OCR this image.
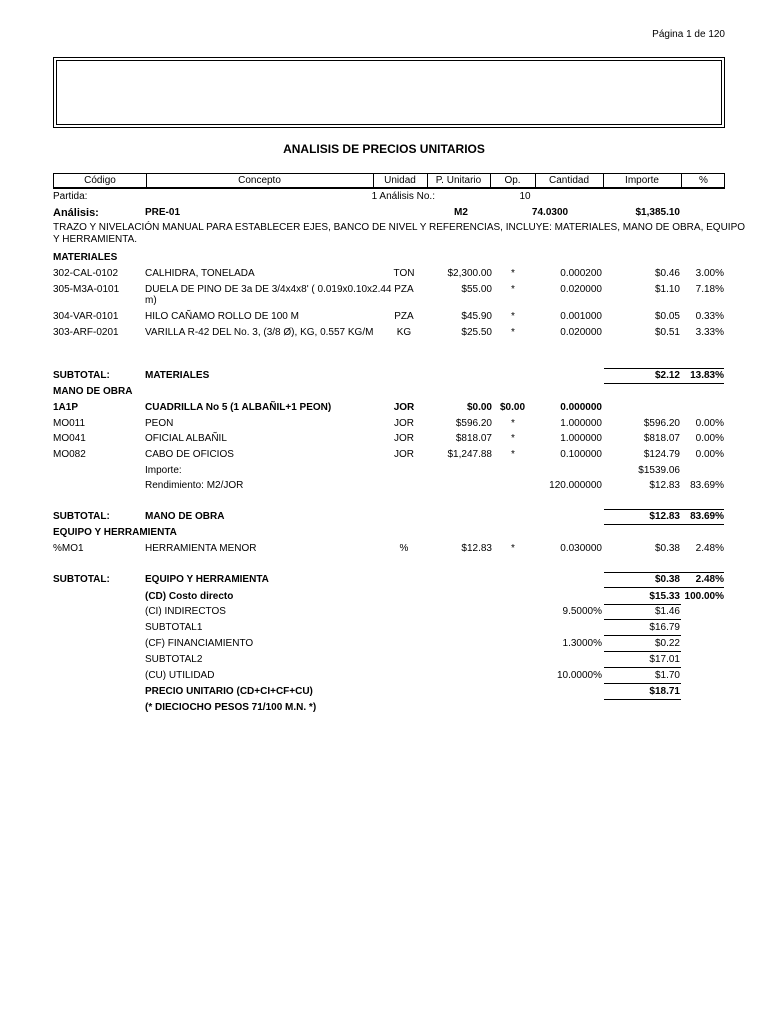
Página 1 de 120
ANALISIS DE PRECIOS UNITARIOS
Código	Concepto	Unidad	P. Unitario	Op.	Cantidad	Importe	%
Partida:	1 Análisis No.:	10
Análisis:	PRE-01	M2	74.0300	$1,385.10
TRAZO Y NIVELACIÓN MANUAL PARA ESTABLECER EJES, BANCO DE NIVEL Y REFERENCIAS, INCLUYE: MATERIALES, MANO DE OBRA, EQUIPO
Y HERRAMIENTA.
MATERIALES
302-CAL-0102	CALHIDRA, TONELADA	TON	$2,300.00	*	0.000200	$0.46	3.00%
305-M3A-0101	DUELA DE PINO DE 3a DE 3/4x4x8' ( 0.019x0.10x2.44
m)
PZA	$55.00	*	0.020000	$1.10	7.18%
304-VAR-0101	HILO CAÑAMO ROLLO DE 100 M	PZA	$45.90	*	0.001000	$0.05	0.33%
303-ARF-0201	VARILLA R-42 DEL No. 3, (3/8 Ø), KG, 0.557 KG/M	KG	$25.50	*	0.020000	$0.51	3.33%
SUBTOTAL:	MATERIALES	$2.12	13.83%
MANO DE OBRA
1A1P	CUADRILLA No 5 (1 ALBAÑIL+1 PEON)	JOR	$0.00 $0.00	0.000000
MO011	PEON	JOR	$596.20	*	1.000000	$596.20	0.00%
MO041	OFICIAL ALBAÑIL	JOR	$818.07	*	1.000000	$818.07	0.00%
MO082	CABO DE OFICIOS	JOR	$1,247.88	*	0.100000	$124.79	0.00%
Importe:	$1539.06
Rendimiento: M2/JOR	120.000000	$12.83	83.69%
SUBTOTAL:	MANO DE OBRA	$12.83	83.69%
EQUIPO Y HERRAMIENTA
%MO1	HERRAMIENTA MENOR	%	$12.83	*	0.030000	$0.38	2.48%
SUBTOTAL:	EQUIPO Y HERRAMIENTA	$0.38	2.48%
(CD) Costo directo	$15.33 100.00%
(CI) INDIRECTOS	9.5000%	$1.46
SUBTOTAL1	$16.79
(CF) FINANCIAMIENTO	1.3000%	$0.22
SUBTOTAL2	$17.01
(CU) UTILIDAD	10.0000%	$1.70
PRECIO UNITARIO (CD+CI+CF+CU)	$18.71
(* DIECIOCHO PESOS 71/100 M.N. *)
